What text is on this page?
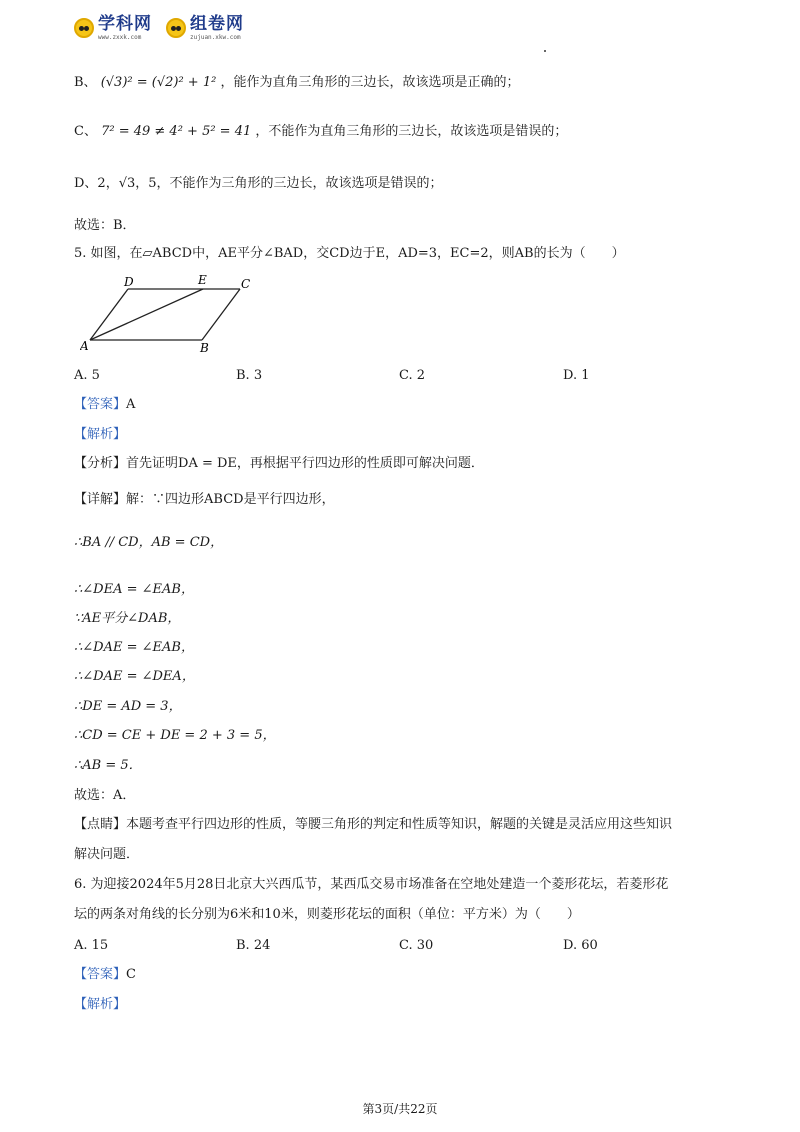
学科网
www.zxxk.com
组卷网
zujuan.xkw.com
B、 (√3)² = (√2)² + 1² ，能作为直角三角形的三边长，故该选项是正确的；
C、 7² = 49 ≠ 4² + 5² = 41 ，不能作为直角三角形的三边长，故该选项是错误的；
D、2，√3，5，不能作为三角形的三边长，故该选项是错误的；
故选：B．
5. 如图，在▱ABCD中，AE平分∠BAD，交CD边于E，AD=3，EC=2，则AB的长为（　　）
A	B
C
D	E
A. 5	B. 3	C. 2	D. 1
【答案】A
【解析】
【分析】首先证明DA = DE，再根据平行四边形的性质即可解决问题．
【详解】解：∵四边形ABCD是平行四边形，
∴BA // CD，AB = CD，
∴∠DEA = ∠EAB，
∵AE平分∠DAB，
∴∠DAE = ∠EAB，
∴∠DAE = ∠DEA，
∴DE = AD = 3，
∴CD = CE + DE = 2 + 3 = 5，
∴AB = 5．
故选：A．
【点睛】本题考查平行四边形的性质，等腰三角形的判定和性质等知识，解题的关键是灵活应用这些知识
解决问题．
6. 为迎接2024年5月28日北京大兴西瓜节，某西瓜交易市场准备在空地处建造一个菱形花坛，若菱形花
坛的两条对角线的长分别为6米和10米，则菱形花坛的面积（单位：平方米）为（　　）
A. 15	B. 24	C. 30	D. 60
【答案】C
【解析】
第3页/共22页
